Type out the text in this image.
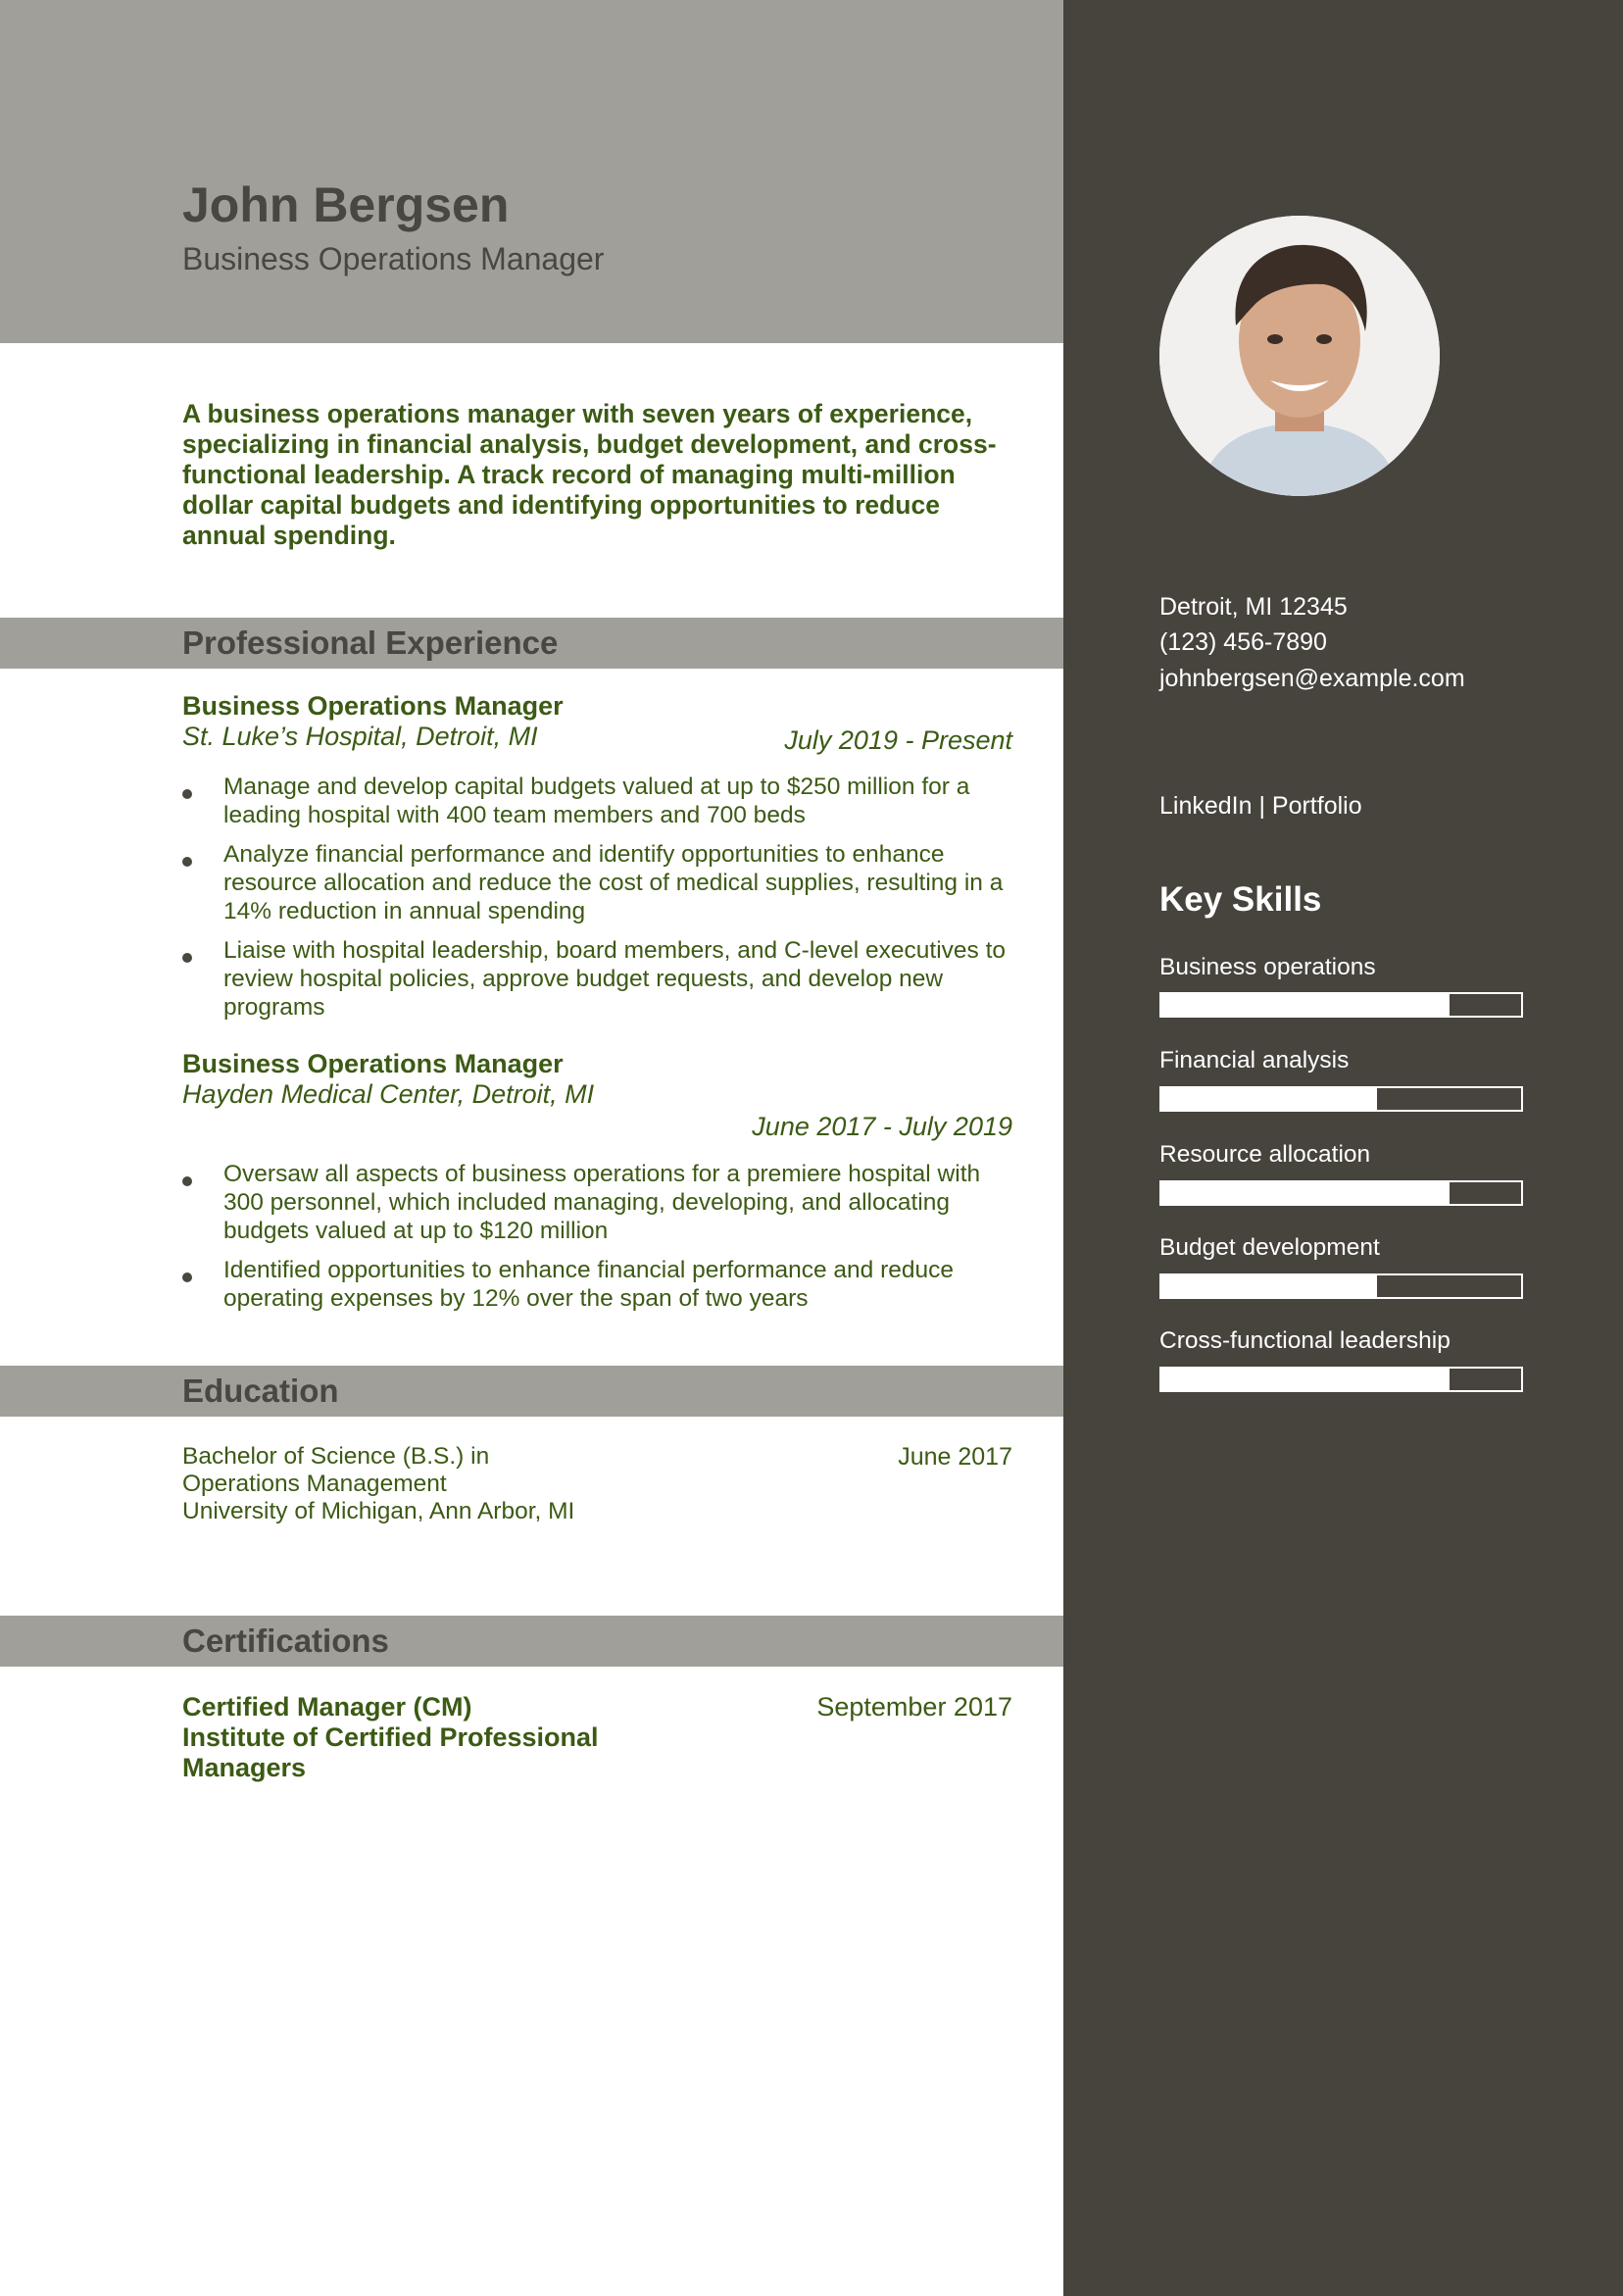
John Bergsen
Business Operations Manager

A business operations manager with seven years of experience, specializing in financial analysis, budget development, and cross-functional leadership. A track record of managing multi-million dollar capital budgets and identifying opportunities to reduce annual spending.

Professional Experience
Business Operations Manager
St. Luke’s Hospital, Detroit, MI	July 2019 - Present
Manage and develop capital budgets valued at up to $250 million for a leading hospital with 400 team members and 700 beds
Analyze financial performance and identify opportunities to enhance resource allocation and reduce the cost of medical supplies, resulting in a 14% reduction in annual spending
Liaise with hospital leadership, board members, and C-level executives to review hospital policies, approve budget requests, and develop new programs
Business Operations Manager
Hayden Medical Center, Detroit, MI
June 2017 - July 2019
Oversaw all aspects of business operations for a premiere hospital with 300 personnel, which included managing, developing, and allocating budgets valued at up to $120 million
Identified opportunities to enhance financial performance and reduce operating expenses by 12% over the span of two years
Education
Bachelor of Science (B.S.) in Operations Management
University of Michigan, Ann Arbor, MI
June 2017
Certifications
Certified Manager (CM)
Institute of Certified Professional Managers
September 2017
Detroit, MI 12345
(123) 456-7890
johnbergsen@example.com
LinkedIn | Portfolio
Key Skills
Business operations
Financial analysis
Resource allocation
Budget development
Cross-functional leadership
